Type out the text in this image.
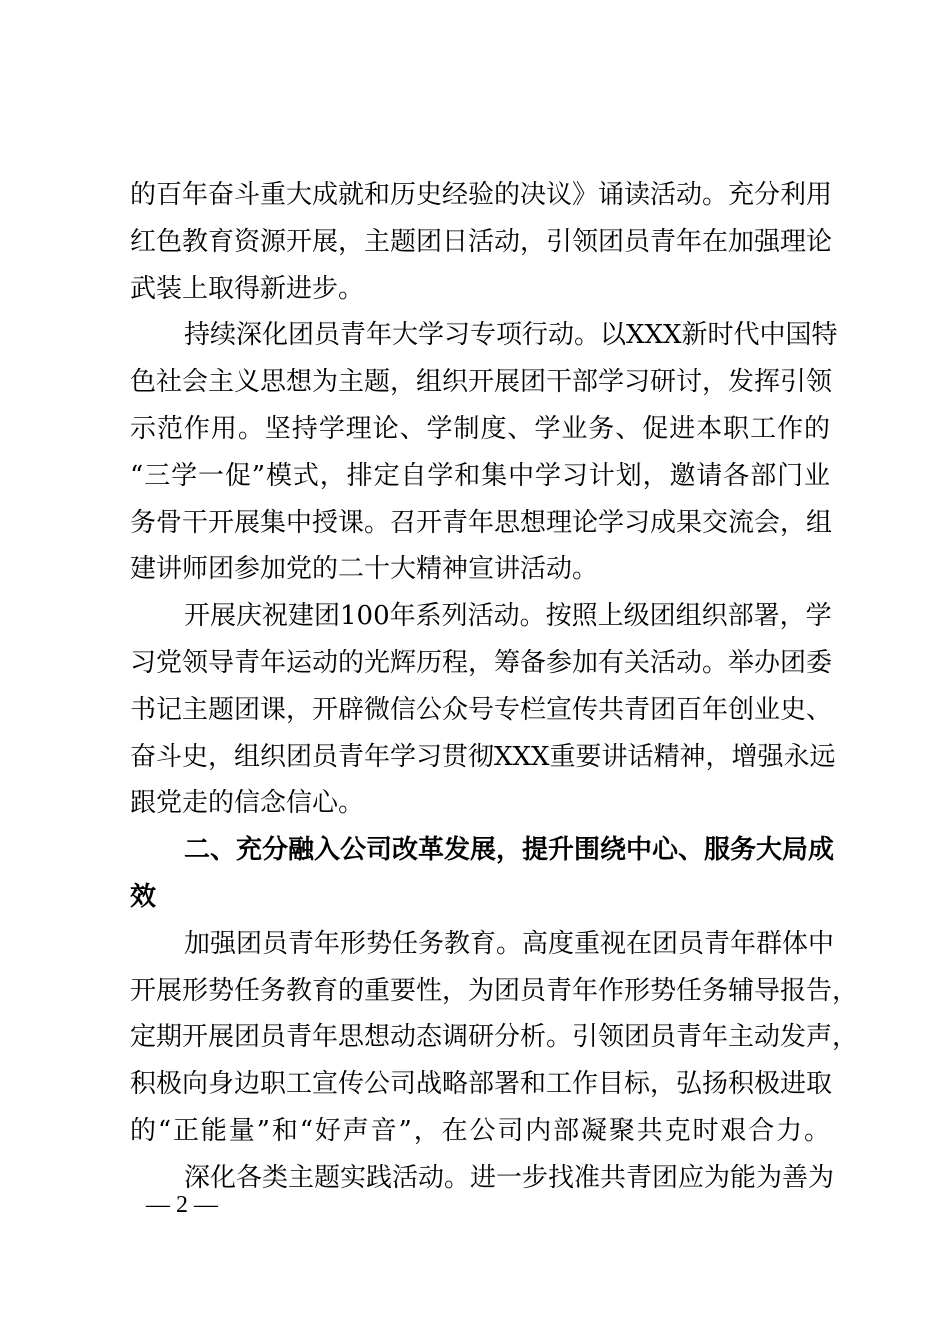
的百年奋斗重大成就和历史经验的决议》诵读活动。充分利用
红色教育资源开展，主题团日活动，引领团员青年在加强理论
武装上取得新进步。
持续深化团员青年大学习专项行动。以XXX新时代中国特
色社会主义思想为主题，组织开展团干部学习研讨，发挥引领
示范作用。坚持学理论、学制度、学业务、促进本职工作的
“三学一促”模式，排定自学和集中学习计划，邀请各部门业
务骨干开展集中授课。召开青年思想理论学习成果交流会，组
建讲师团参加党的二十大精神宣讲活动。
开展庆祝建团100年系列活动。按照上级团组织部署，学
习党领导青年运动的光辉历程，筹备参加有关活动。举办团委
书记主题团课，开辟微信公众号专栏宣传共青团百年创业史、
奋斗史，组织团员青年学习贯彻XXX重要讲话精神，增强永远
跟党走的信念信心。
二、充分融入公司改革发展，提升围绕中心、服务大局成
效
加强团员青年形势任务教育。高度重视在团员青年群体中
开展形势任务教育的重要性，为团员青年作形势任务辅导报告，
定期开展团员青年思想动态调研分析。引领团员青年主动发声，
积极向身边职工宣传公司战略部署和工作目标，弘扬积极进取
的“正能量”和“好声音”，在公司内部凝聚共克时艰合力。
深化各类主题实践活动。进一步找准共青团应为能为善为
— 2 —
